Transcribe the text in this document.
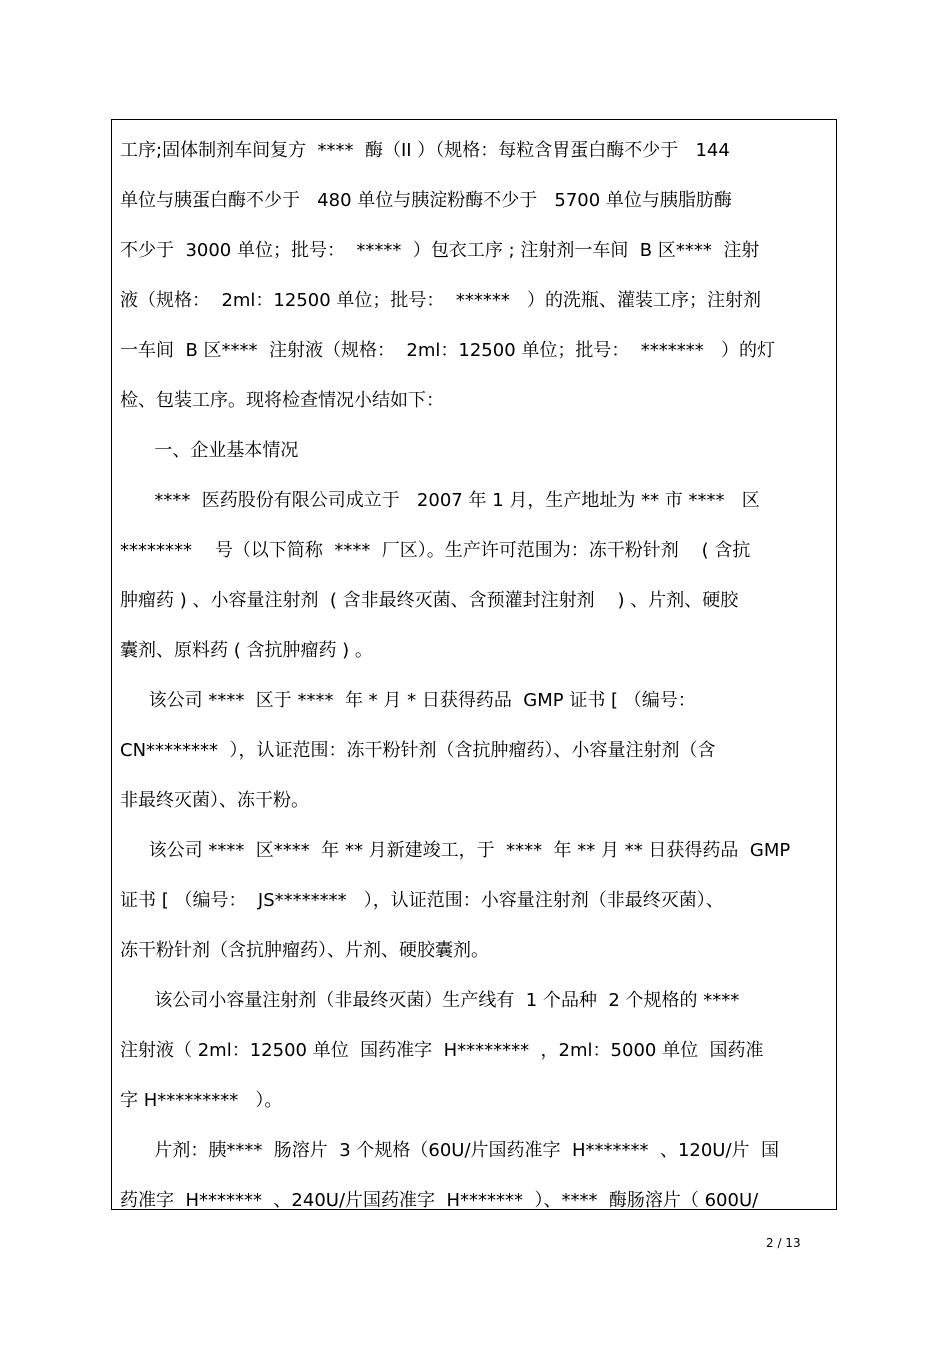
工序;固体制剂车间复方  ****  酶（II ）（规格：每粒含胃蛋白酶不少于   144
单位与胰蛋白酶不少于   480 单位与胰淀粉酶不少于   5700 单位与胰脂肪酶
不少于  3000 单位；批号：  *****  ）包衣工序 ; 注射剂一车间  B 区****  注射
液（规格：  2ml：12500 单位；批号：  ******   ）的洗瓶、灌装工序；注射剂
一车间  B 区****  注射液（规格：  2ml：12500 单位；批号：  *******   ）的灯
检、包装工序。现将检查情况小结如下：
一、企业基本情况
****  医药股份有限公司成立于   2007 年 1 月，生产地址为 ** 市 ****   区
********    号（以下简称  ****  厂区）。生产许可范围为：冻干粉针剂    ( 含抗
肿瘤药 ) 、小容量注射剂  ( 含非最终灭菌、含预灌封注射剂    ) 、片剂、硬胶
囊剂、原料药 ( 含抗肿瘤药 ) 。
该公司 ****  区于 ****  年 * 月 * 日获得药品  GMP 证书 [ （编号：
CN********  ），认证范围：冻干粉针剂（含抗肿瘤药）、小容量注射剂（含
非最终灭菌）、冻干粉。
该公司 ****  区****  年 ** 月新建竣工，于  ****  年 ** 月 ** 日获得药品  GMP
证书 [ （编号：  JS********   ），认证范围：小容量注射剂（非最终灭菌）、
冻干粉针剂（含抗肿瘤药）、片剂、硬胶囊剂。
该公司小容量注射剂（非最终灭菌）生产线有  1 个品种  2 个规格的 ****
注射液（ 2ml：12500 单位  国药准字  H********  ，2ml：5000 单位  国药准
字 H*********   ）。
片剂：胰****  肠溶片  3 个规格（60U/片国药准字  H*******  、120U/片  国
药准字  H*******  、240U/片国药准字  H*******  ）、****  酶肠溶片（ 600U/
2 / 13
